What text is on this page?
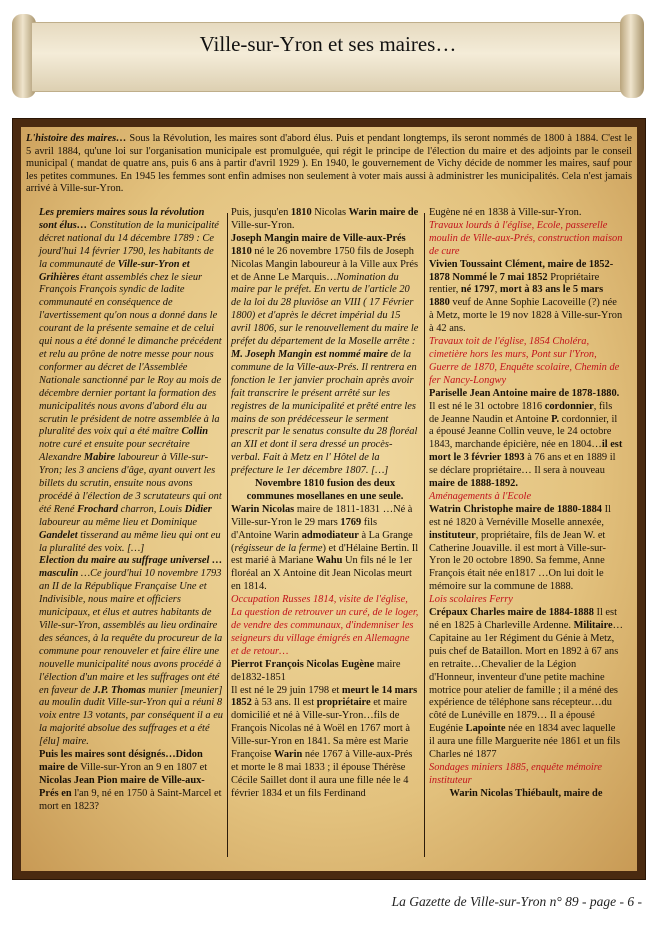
Ville-sur-Yron et ses maires…
L'histoire des maires… Sous la Révolution, les maires sont d'abord élus. Puis et pendant longtemps, ils seront nommés de 1800 à 1884. C'est le 5 avril 1884, qu'une loi sur l'organisation municipale est promulguée, qui régit le principe de l'élection du maire et des adjoints par le conseil municipal ( mandat de quatre ans, puis 6 ans à partir d'avril 1929 ). En 1940, le gouvernement de Vichy décide de nommer les maires, sauf pour les petites communes. En 1945 les femmes sont enfin admises non seulement à voter mais aussi à administrer les municipalités. Cela n'est jamais arrivé à Ville-sur-Yron.

Les premiers maires sous la révolution sont élus… Constitution de la municipalité décret national du 14 décembre 1789 : Ce jourd'hui 14 février 1790, les habitants de la communauté de Ville-sur-Yron et Grihières étant assemblés chez le sieur François François syndic de ladite communauté en conséquence de l'avertissement qu'on nous a donné dans le courant de la présente semaine et de celui qui nous a été donné le dimanche précédent et relu au prône de notre messe pour nous conformer au décret de l'Assemblée Nationale sanctionné par le Roy au mois de décembre dernier portant la formation des municipalités nous avons d'abord élu au scrutin le président de notre assemblée à la pluralité des voix qui a été maître Collin notre curé et ensuite pour secrétaire Alexandre Mabire laboureur à Ville-sur-Yron; les 3 anciens d'âge, ayant ouvert les billets du scrutin, ensuite nous avons procédé à l'élection de 3 scrutateurs qui ont été René Frochard charron, Louis Didier laboureur au même lieu et Dominique Gandelet tisserand au même lieu qui ont eu la pluralité des voix. […]

Election du maire au suffrage universel …masculin …Ce jourd'hui 10 novembre 1793 an II de la République Française Une et Indivisible, nous maire et officiers municipaux, et élus et autres habitants de Ville-sur-Yron, assemblés au lieu ordinaire des séances, à la requête du procureur de la commune pour renouveler et faire élire une nouvelle municipalité nous avons procédé à l'élection d'un maire et les suffrages ont été en faveur de J.P. Thomas munier [meunier] au moulin dudit Ville-sur-Yron qui a réuni 8 voix entre 13 votants, par conséquent il a eu la majorité absolue des suffrages et a été [élu] maire.

Puis les maires sont désignés…Didon maire de Ville-sur-Yron an 9 en 1807 et Nicolas Jean Pion maire de Ville-aux-Prés en l'an 9, né en 1750 à Saint-Marcel et mort en 1823?

Puis, jusqu'en 1810 Nicolas Warin maire de Ville-sur-Yron.

Joseph Mangin maire de Ville-aux-Prés 1810 né le 26 novembre 1750 fils de Joseph Nicolas Mangin laboureur à la Ville aux Prés et de Anne Le Marquis…Nomination du maire par le préfet. En vertu de l'article 20 de la loi du 28 pluviôse an VIII ( 17 Février 1800) et d'après le décret impérial du 15 avril 1806, sur le renouvellement du maire le préfet du département de la Moselle arrête : M. Joseph Mangin est nommé maire de la commune de la Ville-aux-Prés. Il rentrera en fonction le 1er janvier prochain après avoir fait transcrire le présent arrêté sur les registres de la municipalité et prêté entre les mains de son prédécesseur le serment prescrit par le senatus consulte du 28 floréal an XII et dont il sera dressé un procès-verbal. Fait à Metz en l' Hôtel de la préfecture le 1er décembre 1807. […]

Novembre 1810 fusion des deux communes mosellanes en une seule.

Warin Nicolas maire de 1811-1831 …Né à Ville-sur-Yron le 29 mars 1769 fils d'Antoine Warin admodiateur à La Grange (régisseur de la ferme) et d'Hélaine Bertin. Il est marié à Mariane Wahu Un fils né le 1er floréal an X Antoine dit Jean Nicolas meurt en 1814.

Occupation Russes 1814, visite de l'église, La question de retrouver un curé, de le loger, de vendre des communaux, d'indemniser les seigneurs du village émigrés en Allemagne et de retour…

Pierrot François Nicolas Eugène maire de1832-1851

Il est né le 29 juin 1798 et meurt le 14 mars 1852 à 53 ans. Il est propriétaire et maire domicilié et né à Ville-sur-Yron…fils de François Nicolas né à Woël en 1767 mort à Ville-sur-Yron en 1841. Sa mère est Marie Françoise Warin née 1767 à Ville-aux-Prés et morte le 8 mai 1833 ; il épouse Thérèse Cécile Saillet dont il aura une fille née le 4 février 1834 et un fils Ferdinand

Eugène né en 1838 à Ville-sur-Yron.

Travaux lourds à l'église, Ecole, passerelle moulin de Ville-aux-Prés, construction maison de cure

Vivien Toussaint Clément, maire de 1852-1878 Nommé le 7 mai 1852 Propriétaire rentier, né 1797, mort à 83 ans le 5 mars 1880 veuf de Anne Sophie Lacoveille (?) née à Metz, morte le 19 nov 1828 à Ville-sur-Yron à 42 ans.

Travaux toit de l'église, 1854 Choléra, cimetière hors les murs, Pont sur l'Yron, Guerre de 1870, Enquête scolaire, Chemin de fer Nancy-Longwy

Pariselle Jean Antoine maire de 1878-1880. Il est né le 31 octobre 1816 cordonnier, fils de Jeanne Naudin et Antoine P. cordonnier, il a épousé Jeanne Collin veuve, le 24 octobre 1843, marchande épicière, née en 1804…il est mort le 3 février 1893 à 76 ans et en 1889 il se déclare propriétaire… Il sera à nouveau maire de 1888-1892.

Aménagements à l'Ecole

Watrin Christophe maire de 1880-1884 Il est né 1820 à Vernéville Moselle annexée, instituteur, propriétaire, fils de Jean W. et Catherine Jouaville. il est mort à Ville-sur-Yron le 20 octobre 1890. Sa femme, Anne François était née en1817 …On lui doit le mémoire sur la commune de 1888.

Lois scolaires Ferry

Crépaux Charles maire de 1884-1888 Il est né en 1825 à Charleville Ardenne. Militaire…Capitaine au 1er Régiment du Génie à Metz, puis chef de Bataillon. Mort en 1892 à 67 ans en retraite…Chevalier de la Légion d'Honneur, inventeur d'une petite machine motrice pour atelier de famille ; il a méné des expérience de téléphone sans récepteur…du côté de Lunéville en 1879… Il a épousé Eugénie Lapointe née en 1834 avec laquelle il aura une fille Marguerite née 1861 et un fils Charles né 1877

Sondages miniers 1885, enquête mémoire instituteur

Warin Nicolas Thiébault, maire de

La Gazette de Ville-sur-Yron n° 89 - page - 6 -
